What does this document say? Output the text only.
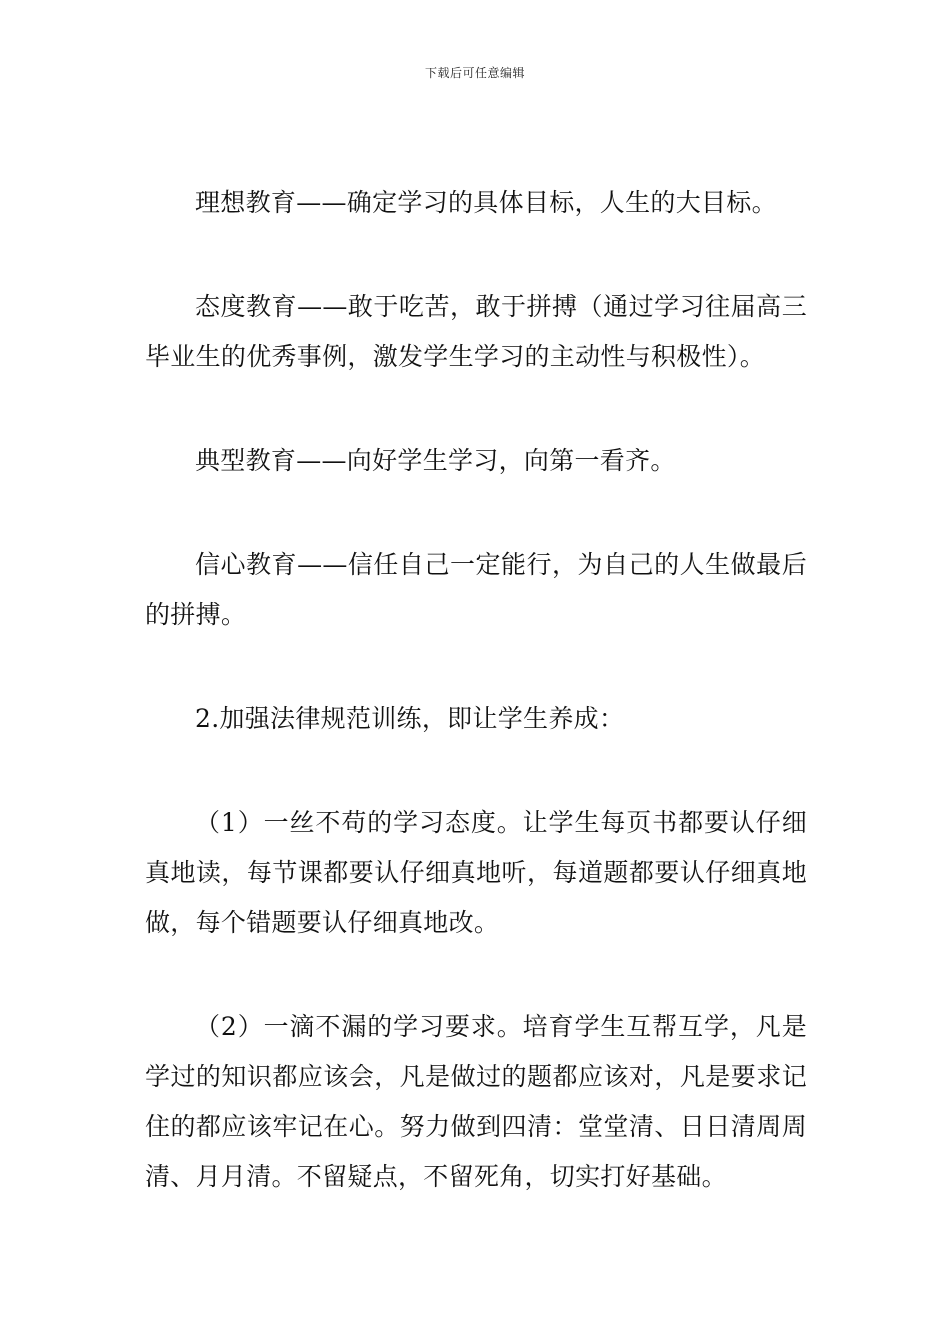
下载后可任意编辑

理想教育——确定学习的具体目标，人生的大目标。

态度教育——敢于吃苦，敢于拼搏（通过学习往届高三毕业生的优秀事例，激发学生学习的主动性与积极性）。

典型教育——向好学生学习，向第一看齐。

信心教育——信任自己一定能行，为自己的人生做最后的拼搏。

2.加强法律规范训练，即让学生养成：

（1）一丝不苟的学习态度。让学生每页书都要认仔细真地读，每节课都要认仔细真地听，每道题都要认仔细真地做，每个错题要认仔细真地改。

（2）一滴不漏的学习要求。培育学生互帮互学，凡是学过的知识都应该会，凡是做过的题都应该对，凡是要求记住的都应该牢记在心。努力做到四清：堂堂清、日日清周周清、月月清。不留疑点，不留死角，切实打好基础。
